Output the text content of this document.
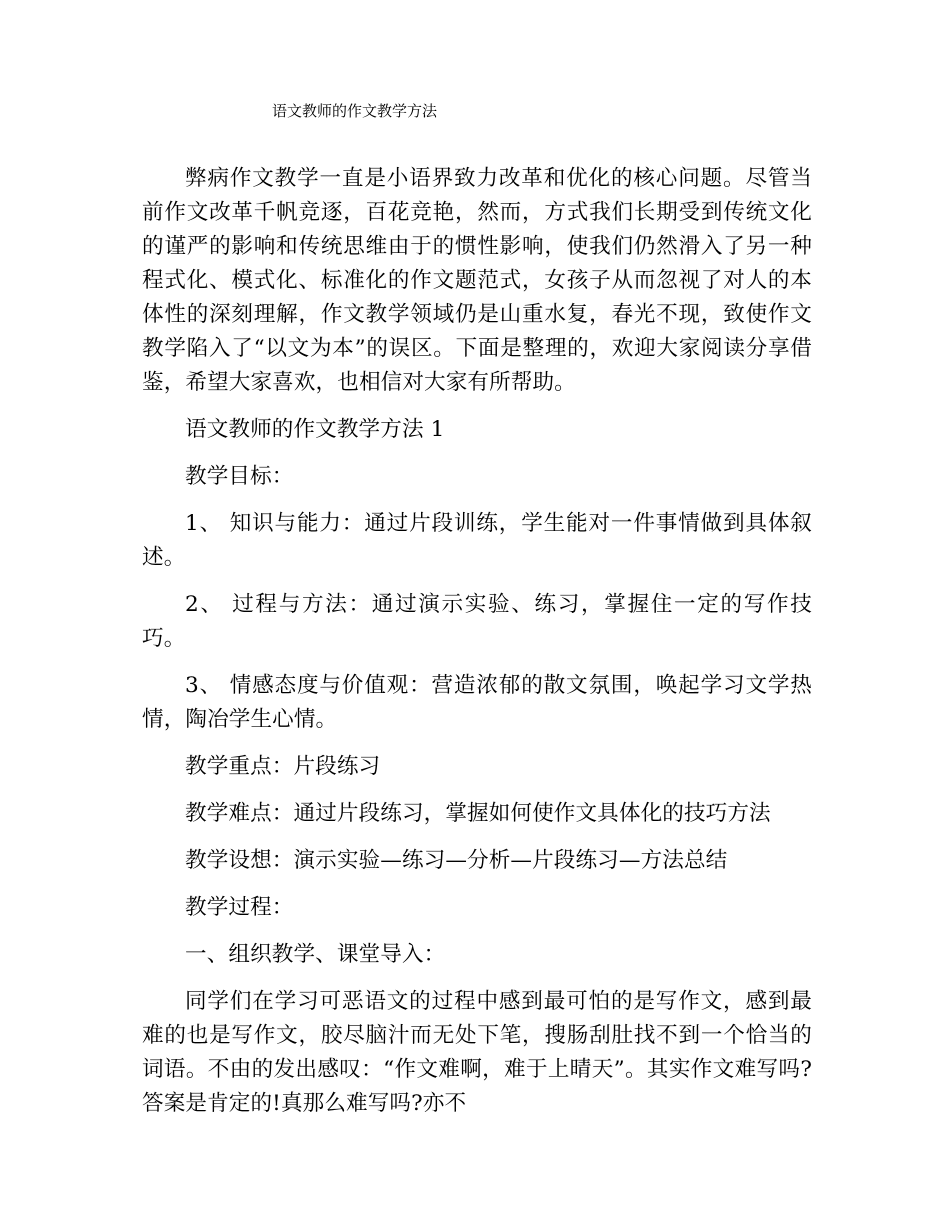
语文教师的作文教学方法

弊病作文教学一直是小语界致力改革和优化的核心问题。尽管当前作文改革千帆竞逐，百花竞艳，然而，方式我们长期受到传统文化的谨严的影响和传统思维由于的惯性影响，使我们仍然滑入了另一种程式化、模式化、标准化的作文题范式，女孩子从而忽视了对人的本体性的深刻理解，作文教学领域仍是山重水复，春光不现，致使作文教学陷入了“以文为本”的误区。下面是整理的，欢迎大家阅读分享借鉴，希望大家喜欢，也相信对大家有所帮助。

语文教师的作文教学方法 1

教学目标：

1、 知识与能力：通过片段训练，学生能对一件事情做到具体叙述。

2、 过程与方法：通过演示实验、练习，掌握住一定的写作技巧。

3、 情感态度与价值观：营造浓郁的散文氛围，唤起学习文学热情，陶冶学生心情。

教学重点：片段练习

教学难点：通过片段练习，掌握如何使作文具体化的技巧方法

教学设想：演示实验—练习—分析—片段练习—方法总结

教学过程：

一、组织教学、课堂导入：

同学们在学习可恶语文的过程中感到最可怕的是写作文，感到最难的也是写作文，胶尽脑汁而无处下笔，搜肠刮肚找不到一个恰当的词语。不由的发出感叹：“作文难啊，难于上晴天”。其实作文难写吗?答案是肯定的!真那么难写吗?亦不
